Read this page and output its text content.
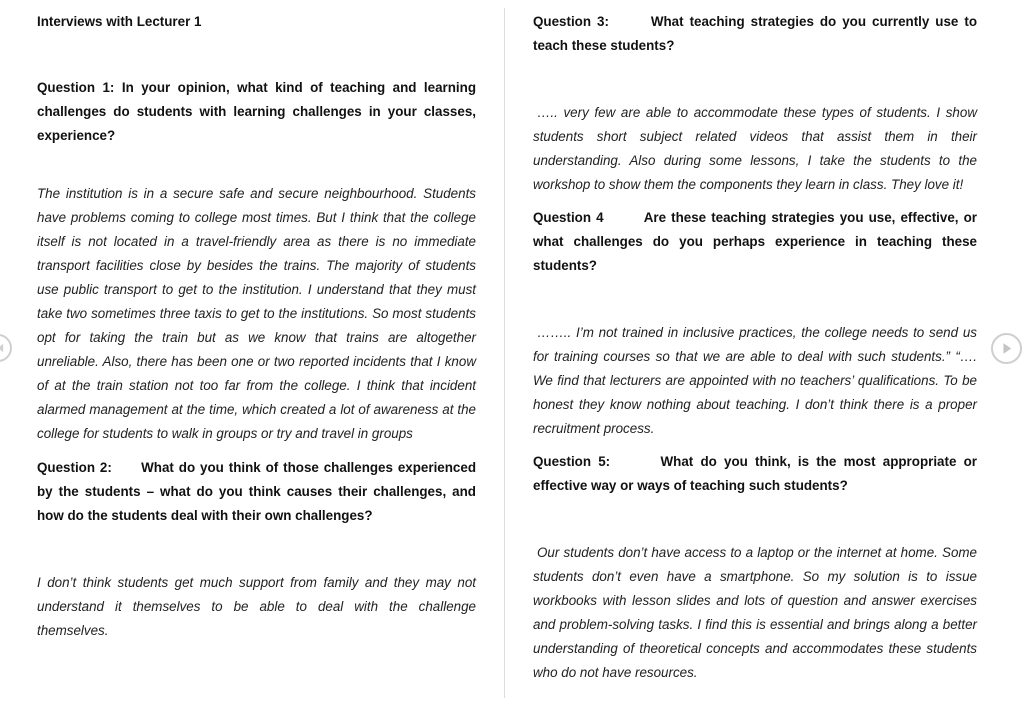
Interviews with Lecturer 1

Question 1: In your opinion, what kind of teaching and learning challenges do students with learning challenges in your classes, experience?

The institution is in a secure safe and secure neighbourhood. Students have problems coming to college most times. But I think that the college itself is not located in a travel-friendly area as there is no immediate transport facilities close by besides the trains. The majority of students use public transport to get to the institution. I understand that they must take two sometimes three taxis to get to the institutions. So most students opt for taking the train but as we know that trains are altogether unreliable. Also, there has been one or two reported incidents that I know of at the train station not too far from the college. I think that incident alarmed management at the time, which created a lot of awareness at the college for students to walk in groups or try and travel in groups

Question 2: What do you think of those challenges experienced by the students – what do you think causes their challenges, and how do the students deal with their own challenges?

I don’t think students get much support from family and they may not understand it themselves to be able to deal with the challenge themselves.

Question 3:	What teaching strategies do you currently use to teach these students?

….. very few are able to accommodate these types of students. I show students short subject related videos that assist them in their understanding. Also during some lessons, I take the students to the workshop to show them the components they learn in class. They love it!

Question 4	Are these teaching strategies you use, effective, or what challenges do you perhaps experience in teaching these students?

…….. I’m not trained in inclusive practices, the college needs to send us for training courses so that we are able to deal with such students.” “…. We find that lecturers are appointed with no teachers’ qualifications. To be honest they know nothing about teaching. I don’t think there is a proper recruitment process.

Question 5:	What do you think, is the most appropriate or effective way or ways of teaching such students?

Our students don’t have access to a laptop or the internet at home. Some students don’t even have a smartphone. So my solution is to issue workbooks with lesson slides and lots of question and answer exercises and problem-solving tasks. I find this is essential and brings along a better understanding of theoretical concepts and accommodates these students who do not have resources.
